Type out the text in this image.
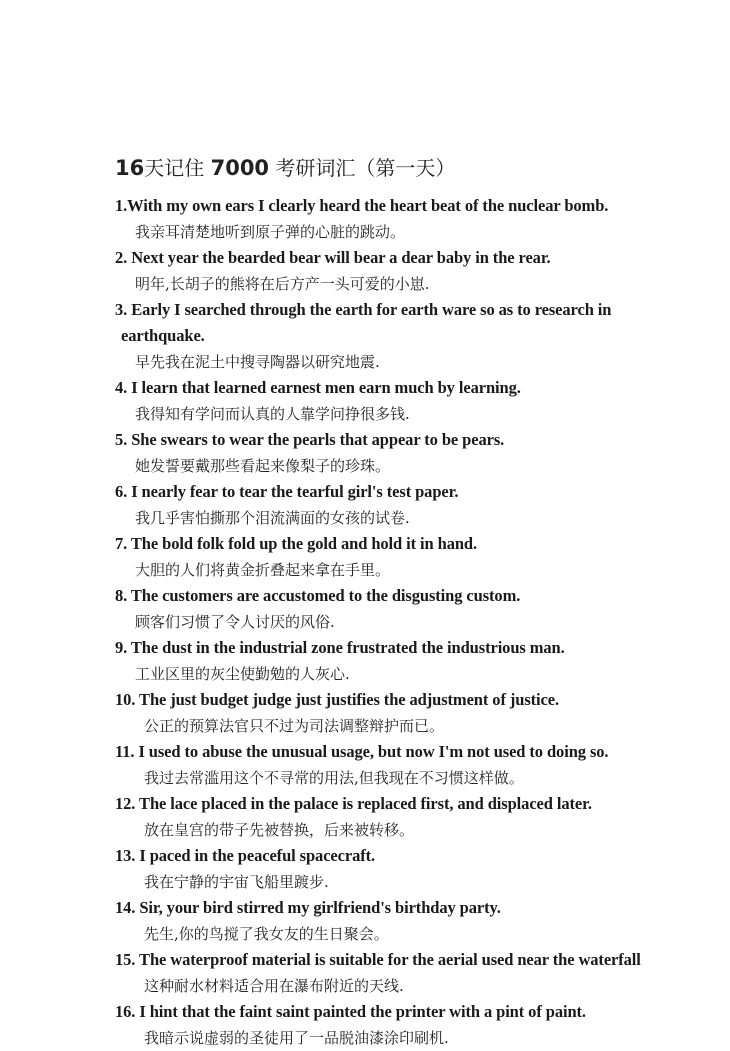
16天记住 7000 考研词汇（第一天）
1.With my own ears I clearly heard the heart beat of the nuclear bomb.
我亲耳清楚地听到原子弹的心脏的跳动。
2. Next year the bearded bear will bear a dear baby in the rear.
明年,长胡子的熊将在后方产一头可爱的小崽.
3. Early I searched through the earth for earth ware so as to research in
earthquake.
早先我在泥土中搜寻陶器以研究地震.
4. I learn that learned earnest men earn much by learning.
我得知有学问而认真的人靠学问挣很多钱.
5. She swears to wear the pearls that appear to be pears.
她发誓要戴那些看起来像梨子的珍珠。
6. I nearly fear to tear the tearful girl's test paper.
我几乎害怕撕那个泪流满面的女孩的试卷.
7. The bold folk fold up the gold and hold it in hand.
大胆的人们将黄金折叠起来拿在手里。
8. The customers are accustomed to the disgusting custom.
顾客们习惯了令人讨厌的风俗.
9. The dust in the industrial zone frustrated the industrious man.
工业区里的灰尘使勤勉的人灰心.
10. The just budget judge just justifies the adjustment of justice.
公正的预算法官只不过为司法调整辩护而已。
11. I used to abuse the unusual usage, but now I'm not used to doing so.
我过去常滥用这个不寻常的用法,但我现在不习惯这样做。
12. The lace placed in the palace is replaced first, and displaced later.
放在皇宫的带子先被替换，后来被转移。
13. I paced in the peaceful spacecraft.
我在宁静的宇宙飞船里踱步.
14. Sir, your bird stirred my girlfriend's birthday party.
先生,你的鸟搅了我女友的生日聚会。
15. The waterproof material is suitable for the aerial used near the waterfall
这种耐水材料适合用在瀑布附近的天线.
16. I hint that the faint saint painted the printer with a pint of paint.
我暗示说虚弱的圣徒用了一品脱油漆涂印刷机.
